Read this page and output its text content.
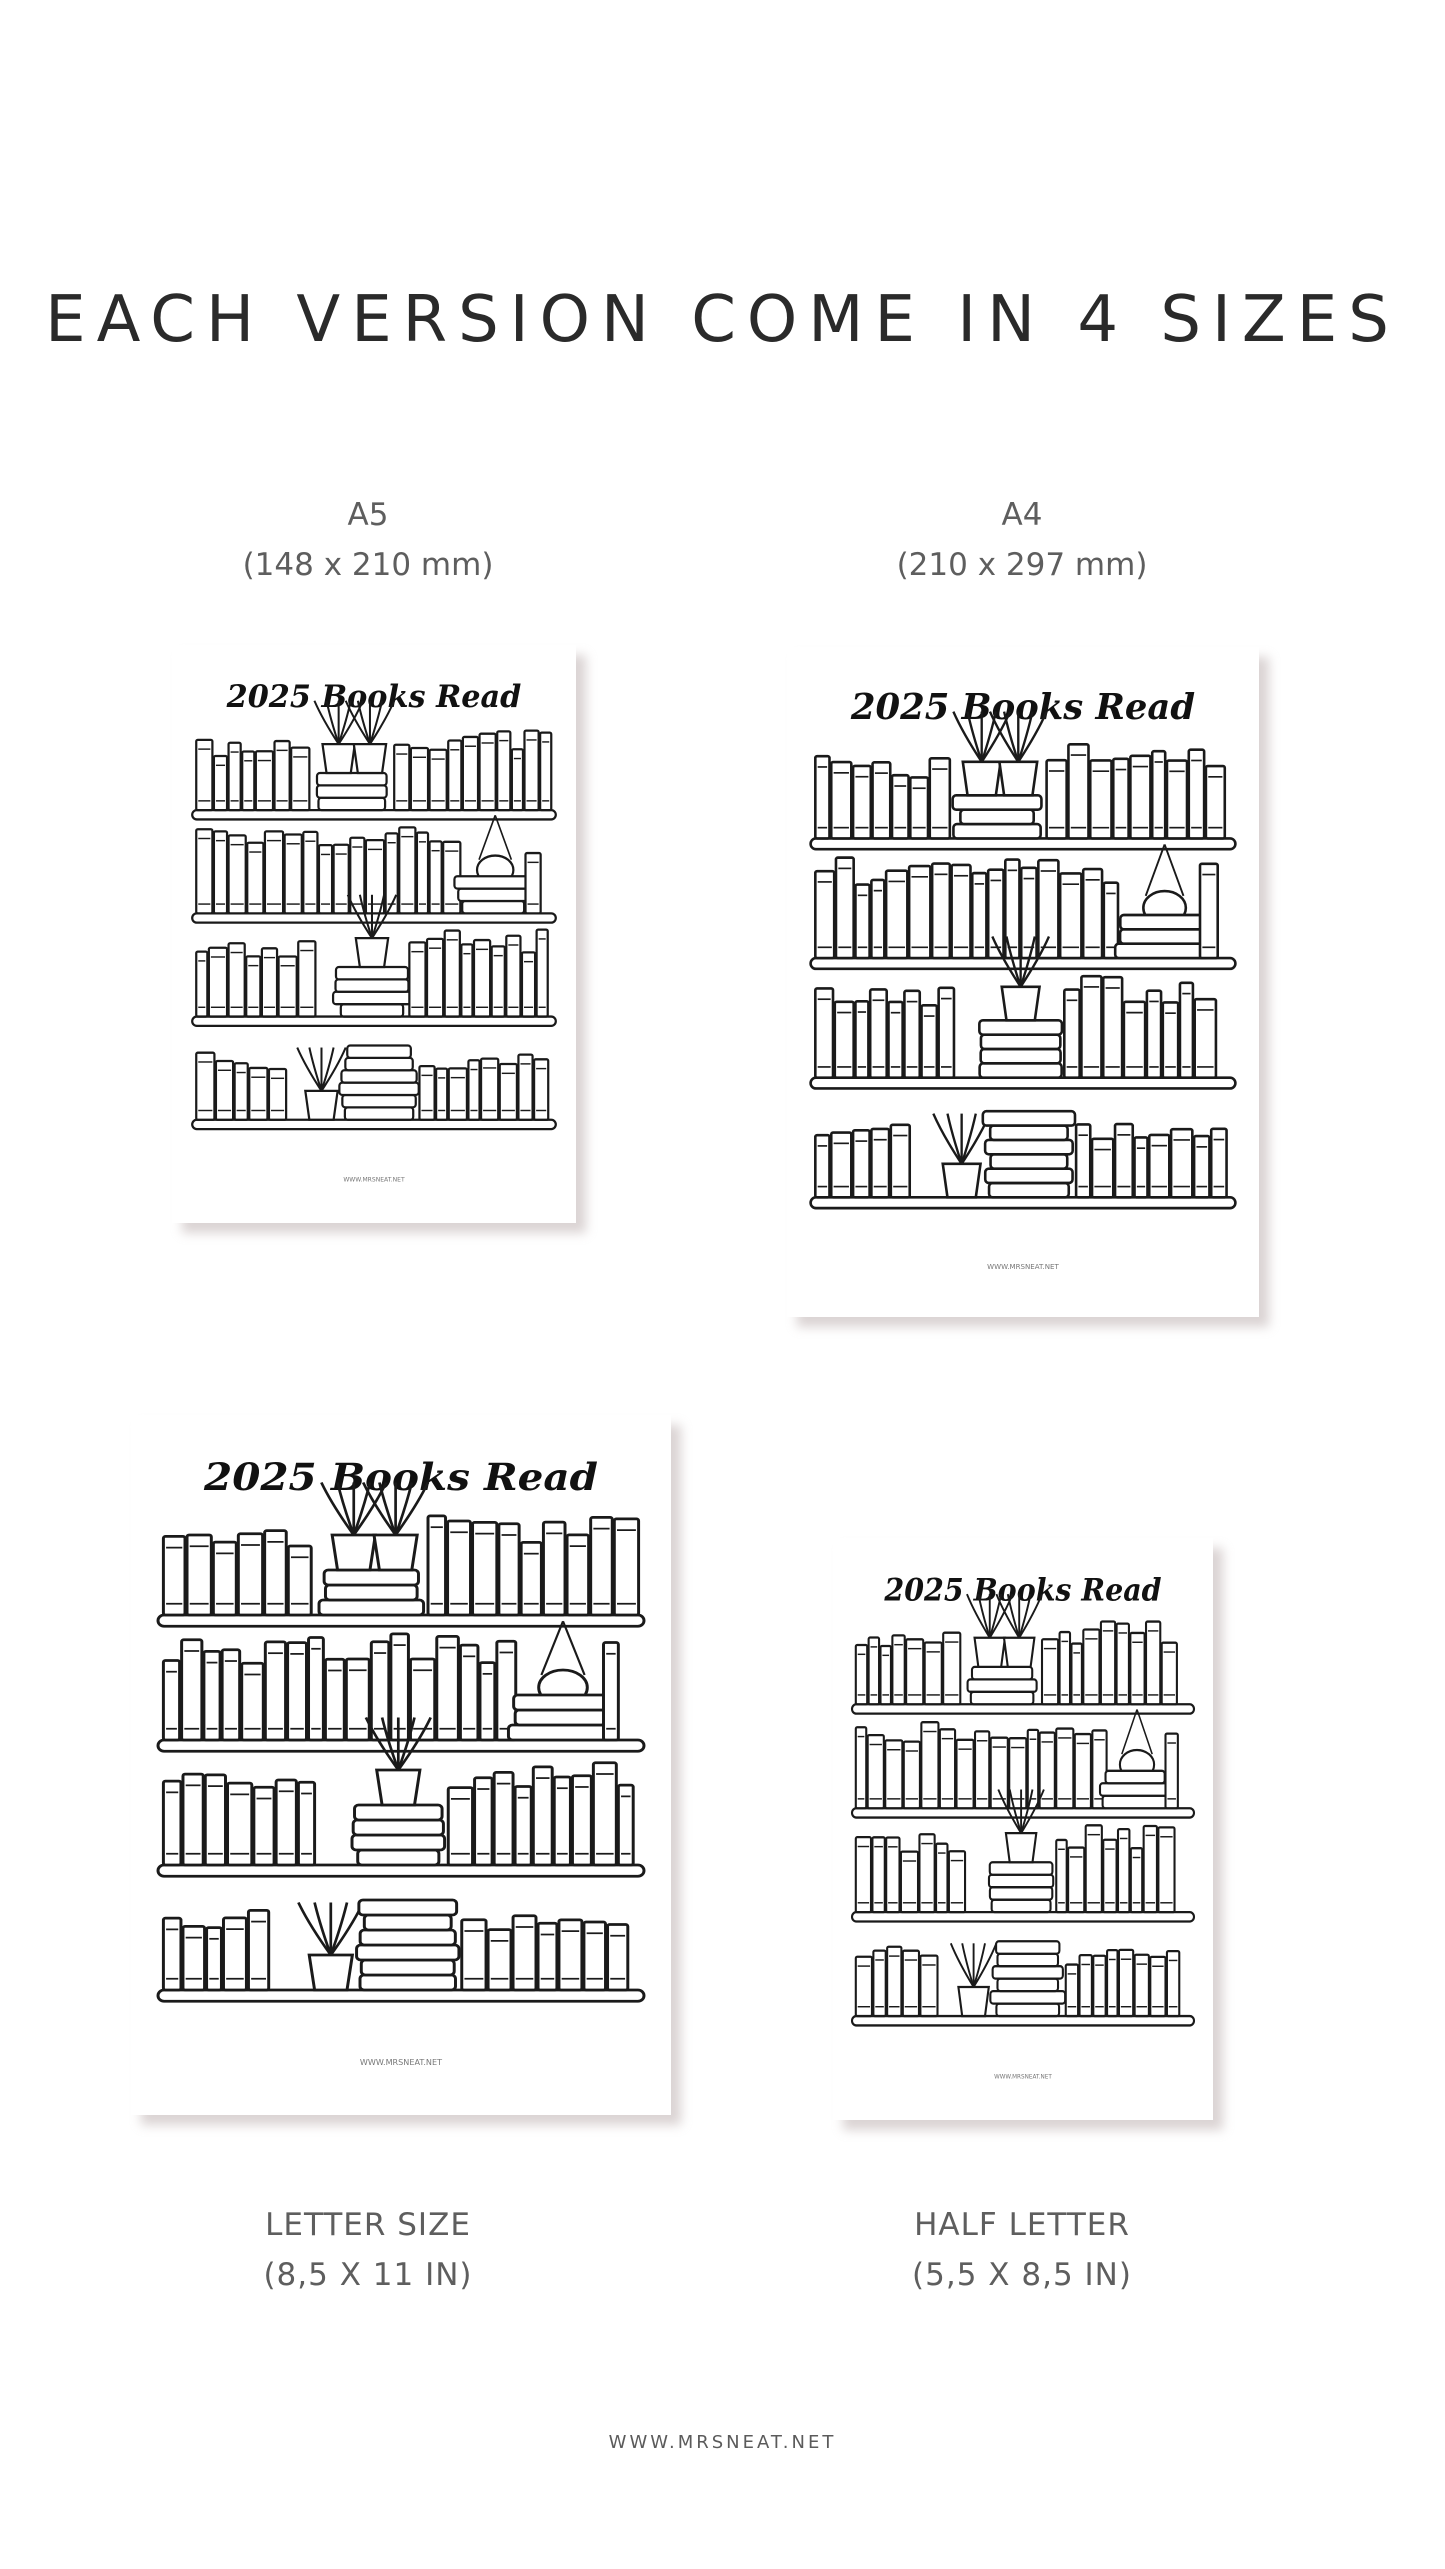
EACH VERSION COME IN 4 SIZES
A5
(148 x 210 mm)
A4
(210 x 297 mm)
2025 Books Read
WWW.MRSNEAT.NET
2025 Books Read
WWW.MRSNEAT.NET
2025 Books Read
WWW.MRSNEAT.NET
2025 Books Read
WWW.MRSNEAT.NET
LETTER SIZE
(8,5 X 11 IN)
HALF LETTER
(5,5 X 8,5 IN)
WWW.MRSNEAT.NET
